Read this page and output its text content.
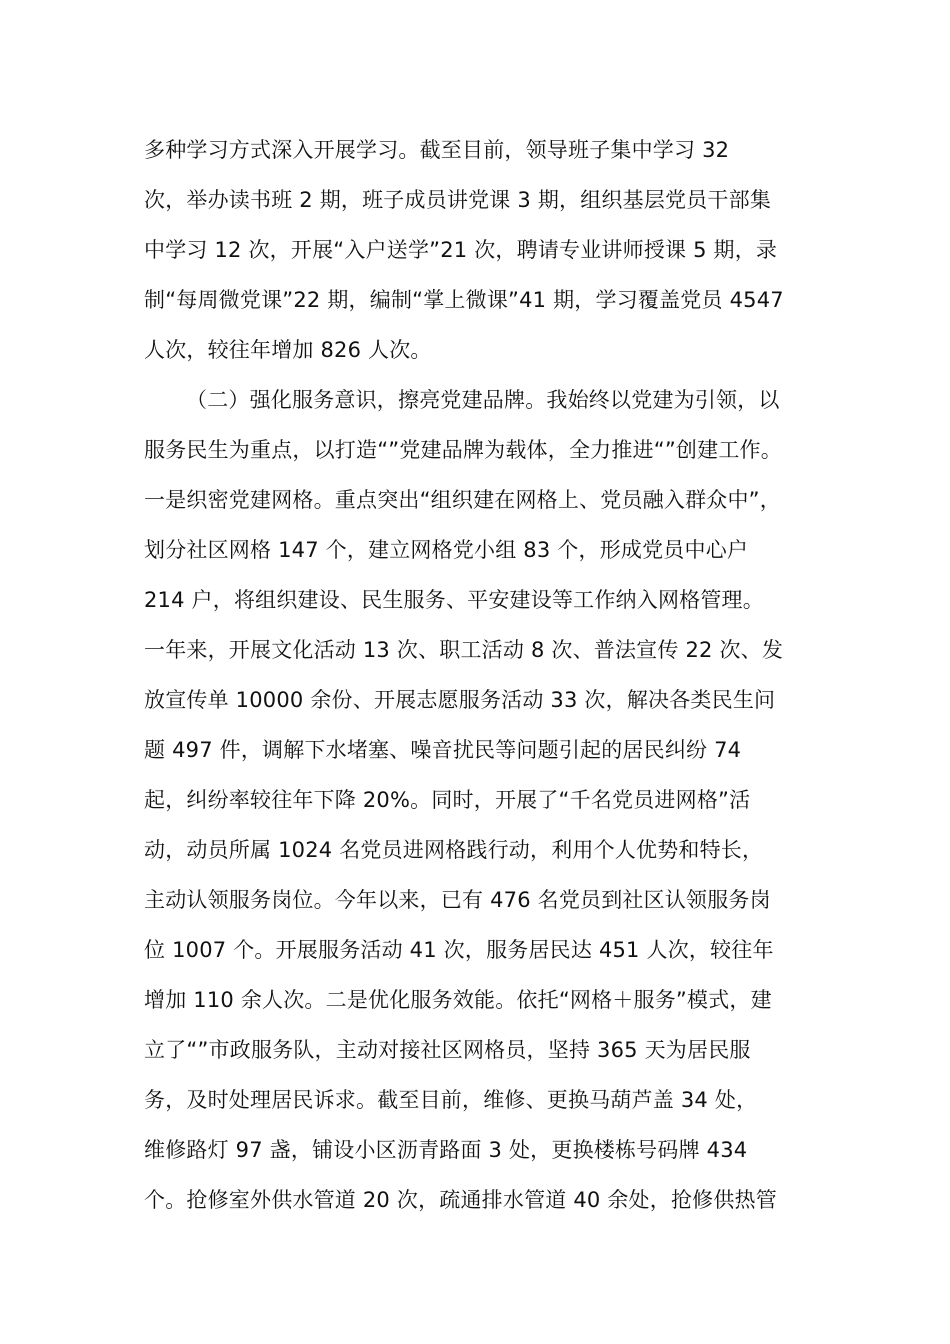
多种学习方式深入开展学习。截至目前，领导班子集中学习 32
次，举办读书班 2 期，班子成员讲党课 3 期，组织基层党员干部集
中学习 12 次，开展“入户送学”21 次，聘请专业讲师授课 5 期，录
制“每周微党课”22 期，编制“掌上微课”41 期，学习覆盖党员 4547
人次，较往年增加 826 人次。
（二）强化服务意识，擦亮党建品牌。我始终以党建为引领，以
服务民生为重点，以打造“”党建品牌为载体，全力推进“”创建工作。
一是织密党建网格。重点突出“组织建在网格上、党员融入群众中”，
划分社区网格 147 个，建立网格党小组 83 个，形成党员中心户
214 户，将组织建设、民生服务、平安建设等工作纳入网格管理。
一年来，开展文化活动 13 次、职工活动 8 次、普法宣传 22 次、发
放宣传单 10000 余份、开展志愿服务活动 33 次，解决各类民生问
题 497 件，调解下水堵塞、噪音扰民等问题引起的居民纠纷 74
起，纠纷率较往年下降 20%。同时，开展了“千名党员进网格”活
动，动员所属 1024 名党员进网格践行动，利用个人优势和特长，
主动认领服务岗位。今年以来，已有 476 名党员到社区认领服务岗
位 1007 个。开展服务活动 41 次，服务居民达 451 人次，较往年
增加 110 余人次。二是优化服务效能。依托“网格＋服务”模式，建
立了“”市政服务队，主动对接社区网格员，坚持 365 天为居民服
务，及时处理居民诉求。截至目前，维修、更换马葫芦盖 34 处，
维修路灯 97 盏，铺设小区沥青路面 3 处，更换楼栋号码牌 434
个。抢修室外供水管道 20 次，疏通排水管道 40 余处，抢修供热管
